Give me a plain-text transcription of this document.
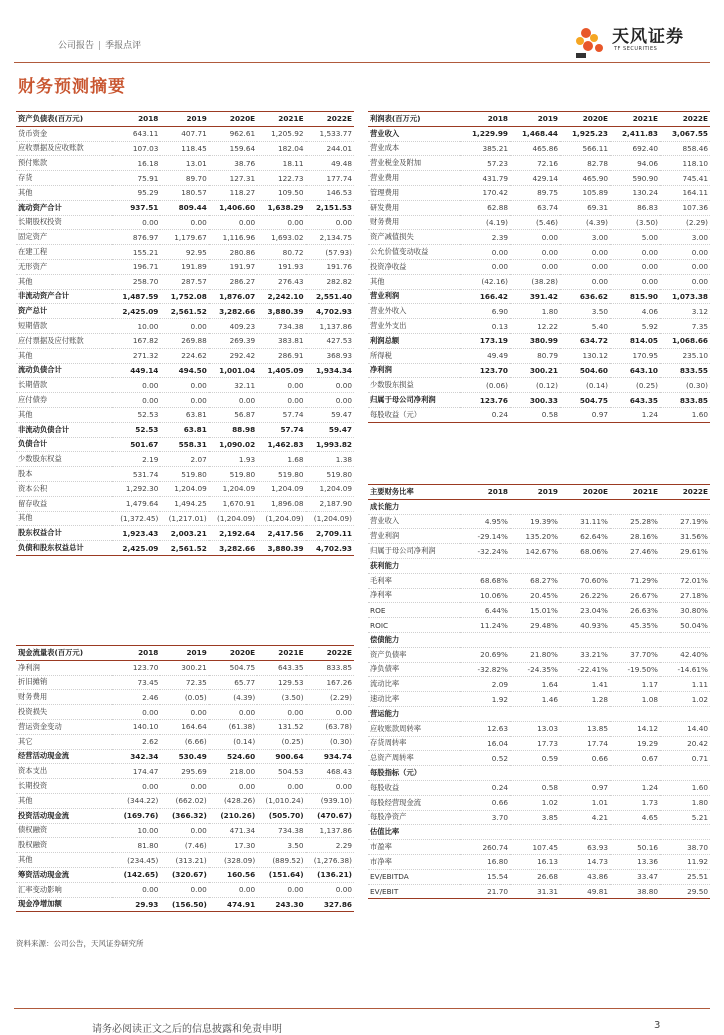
公司报告 | 季报点评	天风证券
TF SECURITIES
财务预测摘要
资产负债表(百万元)	2018	2019	2020E	2021E	2022E
货币资金	643.11	407.71	962.61	1,205.92	1,533.77
应收票据及应收账款	107.03	118.45	159.64	182.04	244.01
预付账款	16.18	13.01	38.76	18.11	49.48
存货	75.91	89.70	127.31	122.73	177.74
其他	95.29	180.57	118.27	109.50	146.53
流动资产合计	937.51	809.44	1,406.60	1,638.29	2,151.53
长期股权投资	0.00	0.00	0.00	0.00	0.00
固定资产	876.97	1,179.67	1,116.96	1,693.02	2,134.75
在建工程	155.21	92.95	280.86	80.72	(57.93)
无形资产	196.71	191.89	191.97	191.93	191.76
其他	258.70	287.57	286.27	276.43	282.82
非流动资产合计	1,487.59	1,752.08	1,876.07	2,242.10	2,551.40
资产总计	2,425.09	2,561.52	3,282.66	3,880.39	4,702.93
短期借款	10.00	0.00	409.23	734.38	1,137.86
应付票据及应付账款	167.82	269.88	269.39	383.81	427.53
其他	271.32	224.62	292.42	286.91	368.93
流动负债合计	449.14	494.50	1,001.04	1,405.09	1,934.34
长期借款	0.00	0.00	32.11	0.00	0.00
应付债券	0.00	0.00	0.00	0.00	0.00
其他	52.53	63.81	56.87	57.74	59.47
非流动负债合计	52.53	63.81	88.98	57.74	59.47
负债合计	501.67	558.31	1,090.02	1,462.83	1,993.82
少数股东权益	2.19	2.07	1.93	1.68	1.38
股本	531.74	519.80	519.80	519.80	519.80
资本公积	1,292.30	1,204.09	1,204.09	1,204.09	1,204.09
留存收益	1,479.64	1,494.25	1,670.91	1,896.08	2,187.90
其他	(1,372.45)	(1,217.01)	(1,204.09)	(1,204.09)	(1,204.09)
股东权益合计	1,923.43	2,003.21	2,192.64	2,417.56	2,709.11
负债和股东权益总计	2,425.09	2,561.52	3,282.66	3,880.39	4,702.93
利润表(百万元)	2018	2019	2020E	2021E	2022E
营业收入	1,229.99	1,468.44	1,925.23	2,411.83	3,067.55
营业成本	385.21	465.86	566.11	692.40	858.46
营业税金及附加	57.23	72.16	82.78	94.06	118.10
营业费用	431.79	429.14	465.90	590.90	745.41
管理费用	170.42	89.75	105.89	130.24	164.11
研发费用	62.88	63.74	69.31	86.83	107.36
财务费用	(4.19)	(5.46)	(4.39)	(3.50)	(2.29)
资产减值损失	2.39	0.00	3.00	5.00	3.00
公允价值变动收益	0.00	0.00	0.00	0.00	0.00
投资净收益	0.00	0.00	0.00	0.00	0.00
其他	(42.16)	(38.28)	0.00	0.00	0.00
营业利润	166.42	391.42	636.62	815.90	1,073.38
营业外收入	6.90	1.80	3.50	4.06	3.12
营业外支出	0.13	12.22	5.40	5.92	7.35
利润总额	173.19	380.99	634.72	814.05	1,068.66
所得税	49.49	80.79	130.12	170.95	235.10
净利润	123.70	300.21	504.60	643.10	833.55
少数股东损益	(0.06)	(0.12)	(0.14)	(0.25)	(0.30)
归属于母公司净利润	123.76	300.33	504.75	643.35	833.85
每股收益（元）	0.24	0.58	0.97	1.24	1.60
主要财务比率	2018	2019	2020E	2021E	2022E
成长能力					
营业收入	4.95%	19.39%	31.11%	25.28%	27.19%
营业利润	-29.14%	135.20%	62.64%	28.16%	31.56%
归属于母公司净利润	-32.24%	142.67%	68.06%	27.46%	29.61%
获利能力					
毛利率	68.68%	68.27%	70.60%	71.29%	72.01%
净利率	10.06%	20.45%	26.22%	26.67%	27.18%
ROE	6.44%	15.01%	23.04%	26.63%	30.80%
ROIC	11.24%	29.48%	40.93%	45.35%	50.04%
偿债能力					
资产负债率	20.69%	21.80%	33.21%	37.70%	42.40%
净负债率	-32.82%	-24.35%	-22.41%	-19.50%	-14.61%
流动比率	2.09	1.64	1.41	1.17	1.11
速动比率	1.92	1.46	1.28	1.08	1.02
营运能力					
应收账款周转率	12.63	13.03	13.85	14.12	14.40
存货周转率	16.04	17.73	17.74	19.29	20.42
总资产周转率	0.52	0.59	0.66	0.67	0.71
每股指标（元）					
每股收益	0.24	0.58	0.97	1.24	1.60
每股经营现金流	0.66	1.02	1.01	1.73	1.80
每股净资产	3.70	3.85	4.21	4.65	5.21
估值比率					
市盈率	260.74	107.45	63.93	50.16	38.70
市净率	16.80	16.13	14.73	13.36	11.92
EV/EBITDA	15.54	26.68	43.86	33.47	25.51
EV/EBIT	21.70	31.31	49.81	38.80	29.50
现金流量表(百万元)	2018	2019	2020E	2021E	2022E
净利润	123.70	300.21	504.75	643.35	833.85
折旧摊销	73.45	72.35	65.77	129.53	167.26
财务费用	2.46	(0.05)	(4.39)	(3.50)	(2.29)
投资损失	0.00	0.00	0.00	0.00	0.00
营运资金变动	140.10	164.64	(61.38)	131.52	(63.78)
其它	2.62	(6.66)	(0.14)	(0.25)	(0.30)
经营活动现金流	342.34	530.49	524.60	900.64	934.74
资本支出	174.47	295.69	218.00	504.53	468.43
长期投资	0.00	0.00	0.00	0.00	0.00
其他	(344.22)	(662.02)	(428.26)	(1,010.24)	(939.10)
投资活动现金流	(169.76)	(366.32)	(210.26)	(505.70)	(470.67)
债权融资	10.00	0.00	471.34	734.38	1,137.86
股权融资	81.80	(7.46)	17.30	3.50	2.29
其他	(234.45)	(313.21)	(328.09)	(889.52)	(1,276.38)
筹资活动现金流	(142.65)	(320.67)	160.56	(151.64)	(136.21)
汇率变动影响	0.00	0.00	0.00	0.00	0.00
现金净增加额	29.93	(156.50)	474.91	243.30	327.86
资料来源：公司公告，天风证券研究所
请务必阅读正文之后的信息披露和免责申明	3
